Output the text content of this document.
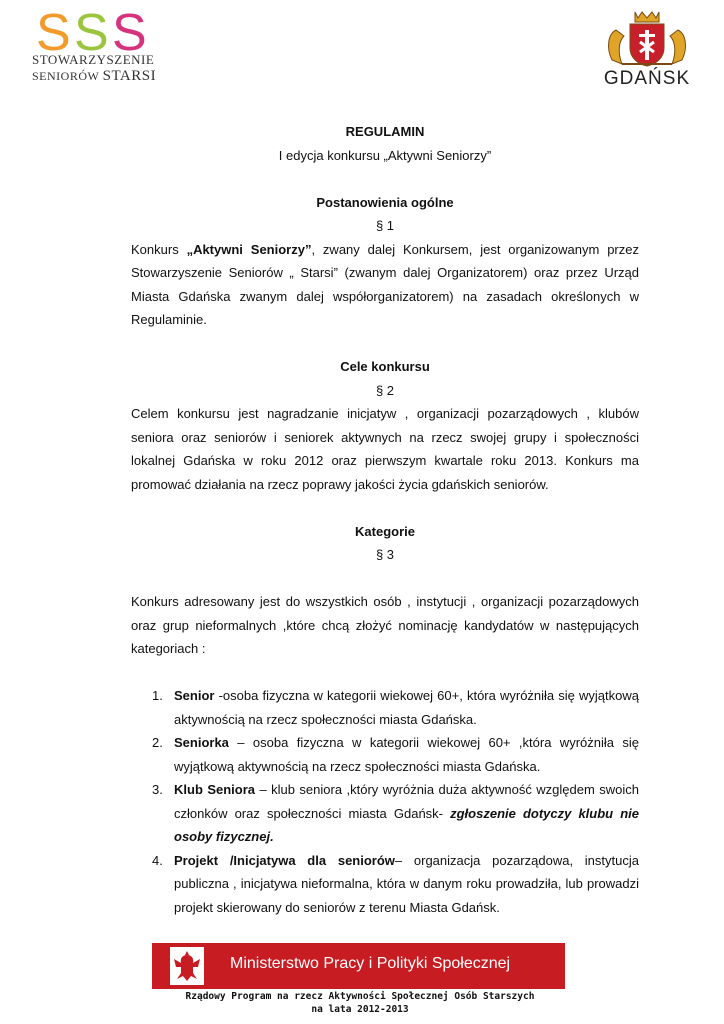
S S S
STOWARZYSZENIE
SENIORÓW STARSI	GDAŃSK
REGULAMIN
I edycja konkursu „Aktywni Seniorzy”
Postanowienia ogólne
§ 1
Konkurs „Aktywni Seniorzy”, zwany dalej Konkursem, jest organizowanym przez Stowarzyszenie Seniorów „ Starsi” (zwanym dalej Organizatorem) oraz przez Urząd Miasta Gdańska zwanym dalej współorganizatorem) na zasadach określonych w Regulaminie.
Cele konkursu
§ 2
Celem konkursu jest nagradzanie inicjatyw , organizacji pozarządowych , klubów seniora oraz seniorów i seniorek aktywnych na rzecz swojej grupy i społeczności lokalnej Gdańska w roku 2012 oraz pierwszym kwartale roku 2013. Konkurs ma promować działania na rzecz poprawy jakości życia gdańskich seniorów.
Kategorie
§ 3
Konkurs adresowany jest do wszystkich osób , instytucji , organizacji pozarządowych oraz grup nieformalnych ,które chcą złożyć nominację kandydatów w następujących kategoriach :
1. Senior -osoba fizyczna w kategorii wiekowej 60+, która wyróżniła się wyjątkową aktywnością na rzecz społeczności miasta Gdańska.
2. Seniorka – osoba fizyczna w kategorii wiekowej 60+ ,która wyróżniła się wyjątkową aktywnością na rzecz społeczności miasta Gdańska.
3. Klub Seniora – klub seniora ,który wyróżnia duża aktywność względem swoich członków oraz społeczności miasta Gdańsk- zgłoszenie dotyczy klubu nie osoby fizycznej.
4. Projekt /Inicjatywa dla seniorów– organizacja pozarządowa, instytucja publiczna , inicjatywa nieformalna, która w danym roku prowadziła, lub prowadzi projekt skierowany do seniorów z terenu Miasta Gdańsk.
Ministerstwo Pracy i Polityki Społecznej
Rządowy Program na rzecz Aktywności Społecznej Osób Starszych
na lata 2012-2013
